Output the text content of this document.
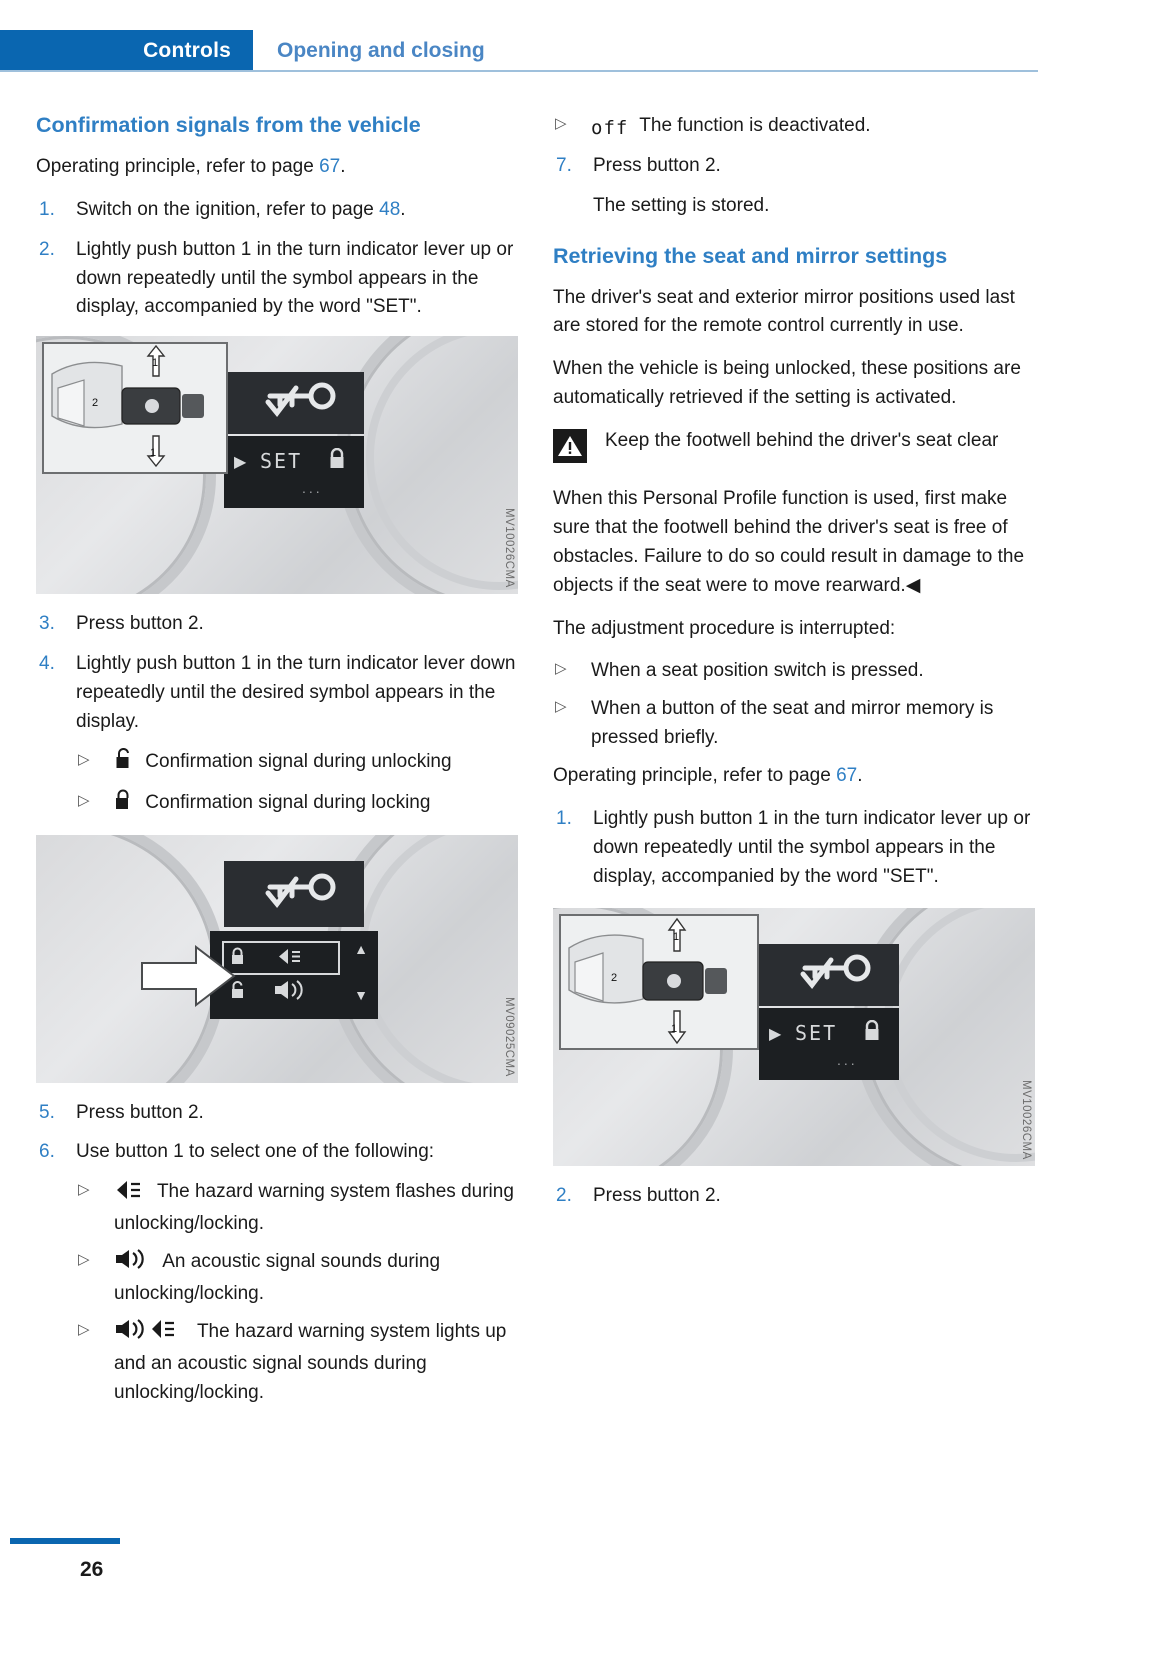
Controls Opening and closing
Confirmation signals from the vehicle

Operating principle, refer to page 67.

1. Switch on the ignition, refer to page 48.
2. Lightly push button 1 in the turn indicator lever up or down repeatedly until the symbol appears in the display, accompanied by the word "SET".
▶ SET
...
1
1
2
MV10026CMA
3. Press button 2.
4. Lightly push button 1 in the turn indicator lever down repeatedly until the desired symbol appears in the display.
▷	Confirmation signal during unlocking
▷	Confirmation signal during locking
▲
▼
MV09025CMA
5. Press button 2.
6. Use button 1 to select one of the following:
▷	The hazard warning system flashes during unlocking/locking.
▷	An acoustic signal sounds during unlocking/locking.
▷	The hazard warning system lights up and an acoustic signal sounds during unlocking/locking.
▷ off The function is deactivated.
7. Press button 2.
The setting is stored.
Retrieving the seat and mirror settings

The driver's seat and exterior mirror positions used last are stored for the remote control currently in use.

When the vehicle is being unlocked, these positions are automatically retrieved if the setting is activated.

Keep the footwell behind the driver's seat clear

When this Personal Profile function is used, first make sure that the footwell behind the driver's seat is free of obstacles. Failure to do so could result in damage to the objects if the seat were to move rearward.◀

The adjustment procedure is interrupted:

▷ When a seat position switch is pressed.
▷ When a button of the seat and mirror memory is pressed briefly.

Operating principle, refer to page 67.

1. Lightly push button 1 in the turn indicator lever up or down repeatedly until the symbol appears in the display, accompanied by the word "SET".
▶ SET
...
1
1
2
MV10026CMA
2. Press button 2.
26
